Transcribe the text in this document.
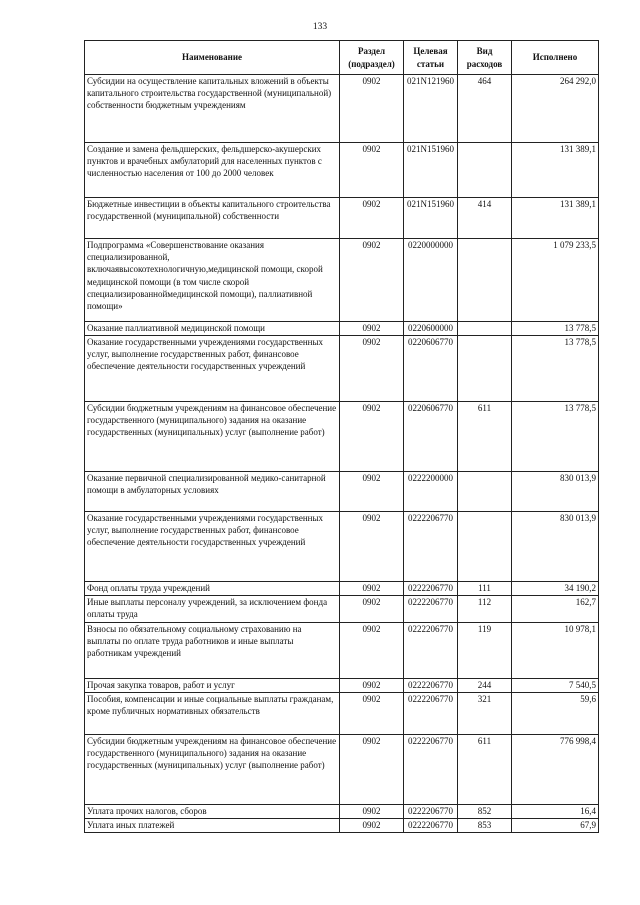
133
Наименование	Раздел (подраздел)	Целевая статьи	Вид расходов	Исполнено
Субсидии на осуществление капитальных вложений в объекты капитального строительства государственной (муниципальной) собственности бюджетным учреждениям	0902	021N121960	464	264 292,0
Создание и замена фельдшерских, фельдшерско-акушерских пунктов и врачебных амбулаторий для населенных пунктов с численностью населения от 100 до 2000 человек	0902	021N151960		131 389,1
Бюджетные инвестиции в объекты капитального строительства государственной (муниципальной) собственности	0902	021N151960	414	131 389,1
Подпрограмма «Совершенствование оказания специализированной, включаявысокотехнологичную,медицинской помощи, скорой медицинской помощи (в том числе скорой специализированноймедицинской помощи), паллиативной помощи»	0902	0220000000		1 079 233,5
Оказание паллиативной медицинской помощи	0902	0220600000		13 778,5
Оказание государственными учреждениями государственных услуг, выполнение государственных работ, финансовое обеспечение деятельности государственных учреждений	0902	0220606770		13 778,5
Субсидии бюджетным учреждениям на финансовое обеспечение государственного (муниципального) задания на оказание государственных (муниципальных) услуг (выполнение работ)	0902	0220606770	611	13 778,5
Оказание первичной специализированной медико-санитарной помощи в амбулаторных условиях	0902	0222200000		830 013,9
Оказание государственными учреждениями государственных услуг, выполнение государственных работ, финансовое обеспечение деятельности государственных учреждений	0902	0222206770		830 013,9
Фонд оплаты труда учреждений	0902	0222206770	111	34 190,2
Иные выплаты персоналу учреждений, за исключением фонда оплаты труда	0902	0222206770	112	162,7
Взносы по обязательному социальному страхованию на выплаты по оплате труда работников и иные выплаты работникам учреждений	0902	0222206770	119	10 978,1
Прочая закупка товаров, работ и услуг	0902	0222206770	244	7 540,5
Пособия, компенсации и иные социальные выплаты гражданам, кроме публичных нормативных обязательств	0902	0222206770	321	59,6
Субсидии бюджетным учреждениям на финансовое обеспечение государственного (муниципального) задания на оказание государственных (муниципальных) услуг (выполнение работ)	0902	0222206770	611	776 998,4
Уплата прочих налогов, сборов	0902	0222206770	852	16,4
Уплата иных платежей	0902	0222206770	853	67,9
